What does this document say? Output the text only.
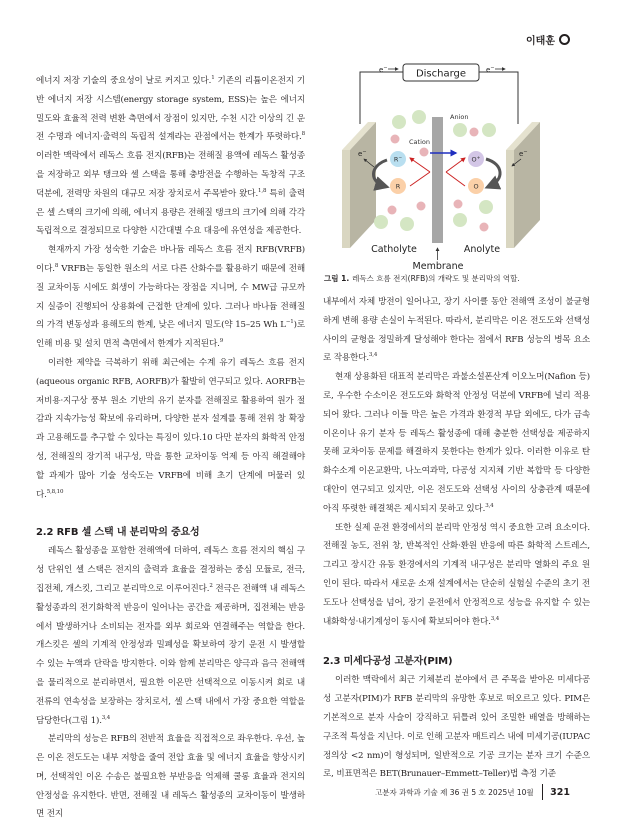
이태훈

에너지 저장 기술의 중요성이 날로 커지고 있다.$^1$ 기존의 리튬이온전지 기반 에너지 저장 시스템(energy storage system, ESS)는 높은 에너지 밀도와 효율적 전력 변환 측면에서 장점이 있지만, 수천 시간 이상의 긴 운전 수명과 에너지·출력의 독립적 설계라는 관점에서는 한계가 뚜렷하다.$^8$ 이러한 맥락에서 레독스 흐름 전지(RFB)는 전해질 용액에 레독스 활성종을 저장하고 외부 탱크와 셀 스택을 통해 충방전을 수행하는 독창적 구조 덕분에, 전력망 차원의 대규모 저장 장치로서 주목받아 왔다.$^{1,8}$ 특히 출력은 셀 스택의 크기에 의해, 에너지 용량은 전해질 탱크의 크기에 의해 각각 독립적으로 결정되므로 다양한 시간대별 수요 대응에 유연성을 제공한다.

현재까지 가장 성숙한 기술은 바나듐 레독스 흐름 전지 RFB(VRFB)이다.$^8$ VRFB는 동일한 원소의 서로 다른 산화수를 활용하기 때문에 전해질 교차이동 시에도 회생이 가능하다는 장점을 지니며, 수 MW급 규모까지 실증이 진행되어 상용화에 근접한 단계에 있다. 그러나 바나듐 전해질의 가격 변동성과 용해도의 한계, 낮은 에너지 밀도(약 15–25 Wh $L^{-1}$)로 인해 비용 및 설치 면적 측면에서 한계가 지적된다.$^9$

이러한 제약을 극복하기 위해 최근에는 수계 유기 레독스 흐름 전지(aqueous organic RFB, AORFB)가 활발히 연구되고 있다. AORFB는 저비용·지구상 풍부 원소 기반의 유기 분자를 전해질로 활용하여 원가 절감과 지속가능성 확보에 유리하며, 다양한 분자 설계를 통해 전위 창 확장과 고용해도를 추구할 수 있다는 특징이 있다.10 다만 분자의 화학적 안정성, 전해질의 장기적 내구성, 막을 통한 교차이동 억제 등 아직 해결해야 할 과제가 많아 기술 성숙도는 VRFB에 비해 초기 단계에 머물러 있다.$^{5,8,10}$

2.2 RFB 셀 스택 내 분리막의 중요성

레독스 활성종을 포함한 전해액에 더하여, 레독스 흐름 전지의 핵심 구성 단위인 셀 스택은 전지의 출력과 효율을 결정하는 중심 모듈로, 전극, 집전체, 개스킷, 그리고 분리막으로 이루어진다.$^2$ 전극은 전해액 내 레독스 활성종과의 전기화학적 반응이 일어나는 공간을 제공하며, 집전체는 반응에서 발생하거나 소비되는 전자를 외부 회로와 연결해주는 역할을 한다. 개스킷은 셀의 기계적 안정성과 밀폐성을 확보하여 장기 운전 시 발생할 수 있는 누액과 단락을 방지한다. 이와 함께 분리막은 양극과 음극 전해액을 물리적으로 분리하면서, 필요한 이온만 선택적으로 이동시켜 회로 내 전류의 연속성을 보장하는 장치로서, 셀 스택 내에서 가장 중요한 역할을 담당한다(그림 1).$^{3,4}$

분리막의 성능은 RFB의 전반적 효율을 직접적으로 좌우한다. 우선, 높은 이온 전도도는 내부 저항을 줄여 전압 효율 및 에너지 효율을 향상시키며, 선택적인 이온 수송은 불필요한 부반응을 억제해 쿨롱 효율과 전지의 안정성을 유지한다. 반면, 전해질 내 레독스 활성종의 교차이동이 발생하면 전지

Discharge
e−	e−
Anion
Cation
R−
R
O+
O
e−	e−
Catholyte	Anolyte
Membrane
그림 1. 레독스 흐름 전지(RFB)의 개략도 및 분리막의 역할.

내부에서 자체 방전이 일어나고, 장기 사이클 동안 전해액 조성이 불균형하게 변해 용량 손실이 누적된다. 따라서, 분리막은 이온 전도도와 선택성 사이의 균형을 정밀하게 달성해야 한다는 점에서 RFB 성능의 병목 요소로 작용한다.$^{3,4}$

현재 상용화된 대표적 분리막은 과불소설폰산계 이오노머(Nafion 등)로, 우수한 수소이온 전도도와 화학적 안정성 덕분에 VRFB에 널리 적용되어 왔다. 그러나 이들 막은 높은 가격과 환경적 부담 외에도, 다가 금속 이온이나 유기 분자 등 레독스 활성종에 대해 충분한 선택성을 제공하지 못해 교차이동 문제를 해결하지 못한다는 한계가 있다. 이러한 이유로 탄화수소계 이온교환막, 나노여과막, 다공성 지지체 기반 복합막 등 다양한 대안이 연구되고 있지만, 이온 전도도와 선택성 사이의 상충관계 때문에 아직 뚜렷한 해결책은 제시되지 못하고 있다.$^{3,4}$

또한 실제 운전 환경에서의 분리막 안정성 역시 중요한 고려 요소이다. 전해질 농도, 전위 창, 반복적인 산화·환원 반응에 따른 화학적 스트레스, 그리고 장시간 유동 환경에서의 기계적 내구성은 분리막 열화의 주요 원인이 된다. 따라서 새로운 소재 설계에서는 단순히 실험실 수준의 초기 전도도나 선택성을 넘어, 장기 운전에서 안정적으로 성능을 유지할 수 있는 내화학성·내기계성이 동시에 확보되어야 한다.$^{3,4}$

2.3 미세다공성 고분자(PIM)

이러한 맥락에서 최근 기체분리 분야에서 큰 주목을 받아온 미세다공성 고분자(PIM)가 RFB 분리막의 유망한 후보로 떠오르고 있다. PIM은 기본적으로 분자 사슬이 강직하고 뒤틀려 있어 조밀한 배열을 방해하는 구조적 특성을 지닌다. 이로 인해 고분자 매트리스 내에 미세기공(IUPAC 정의상 <2 nm)이 형성되며, 일반적으로 기공 크기는 분자 크기 수준으로, 비표면적은 BET(Brunauer–Emmett–Teller)법 측정 기준

고분자 과학과 기술 제 36 권 5 호 2025년 10월 321
